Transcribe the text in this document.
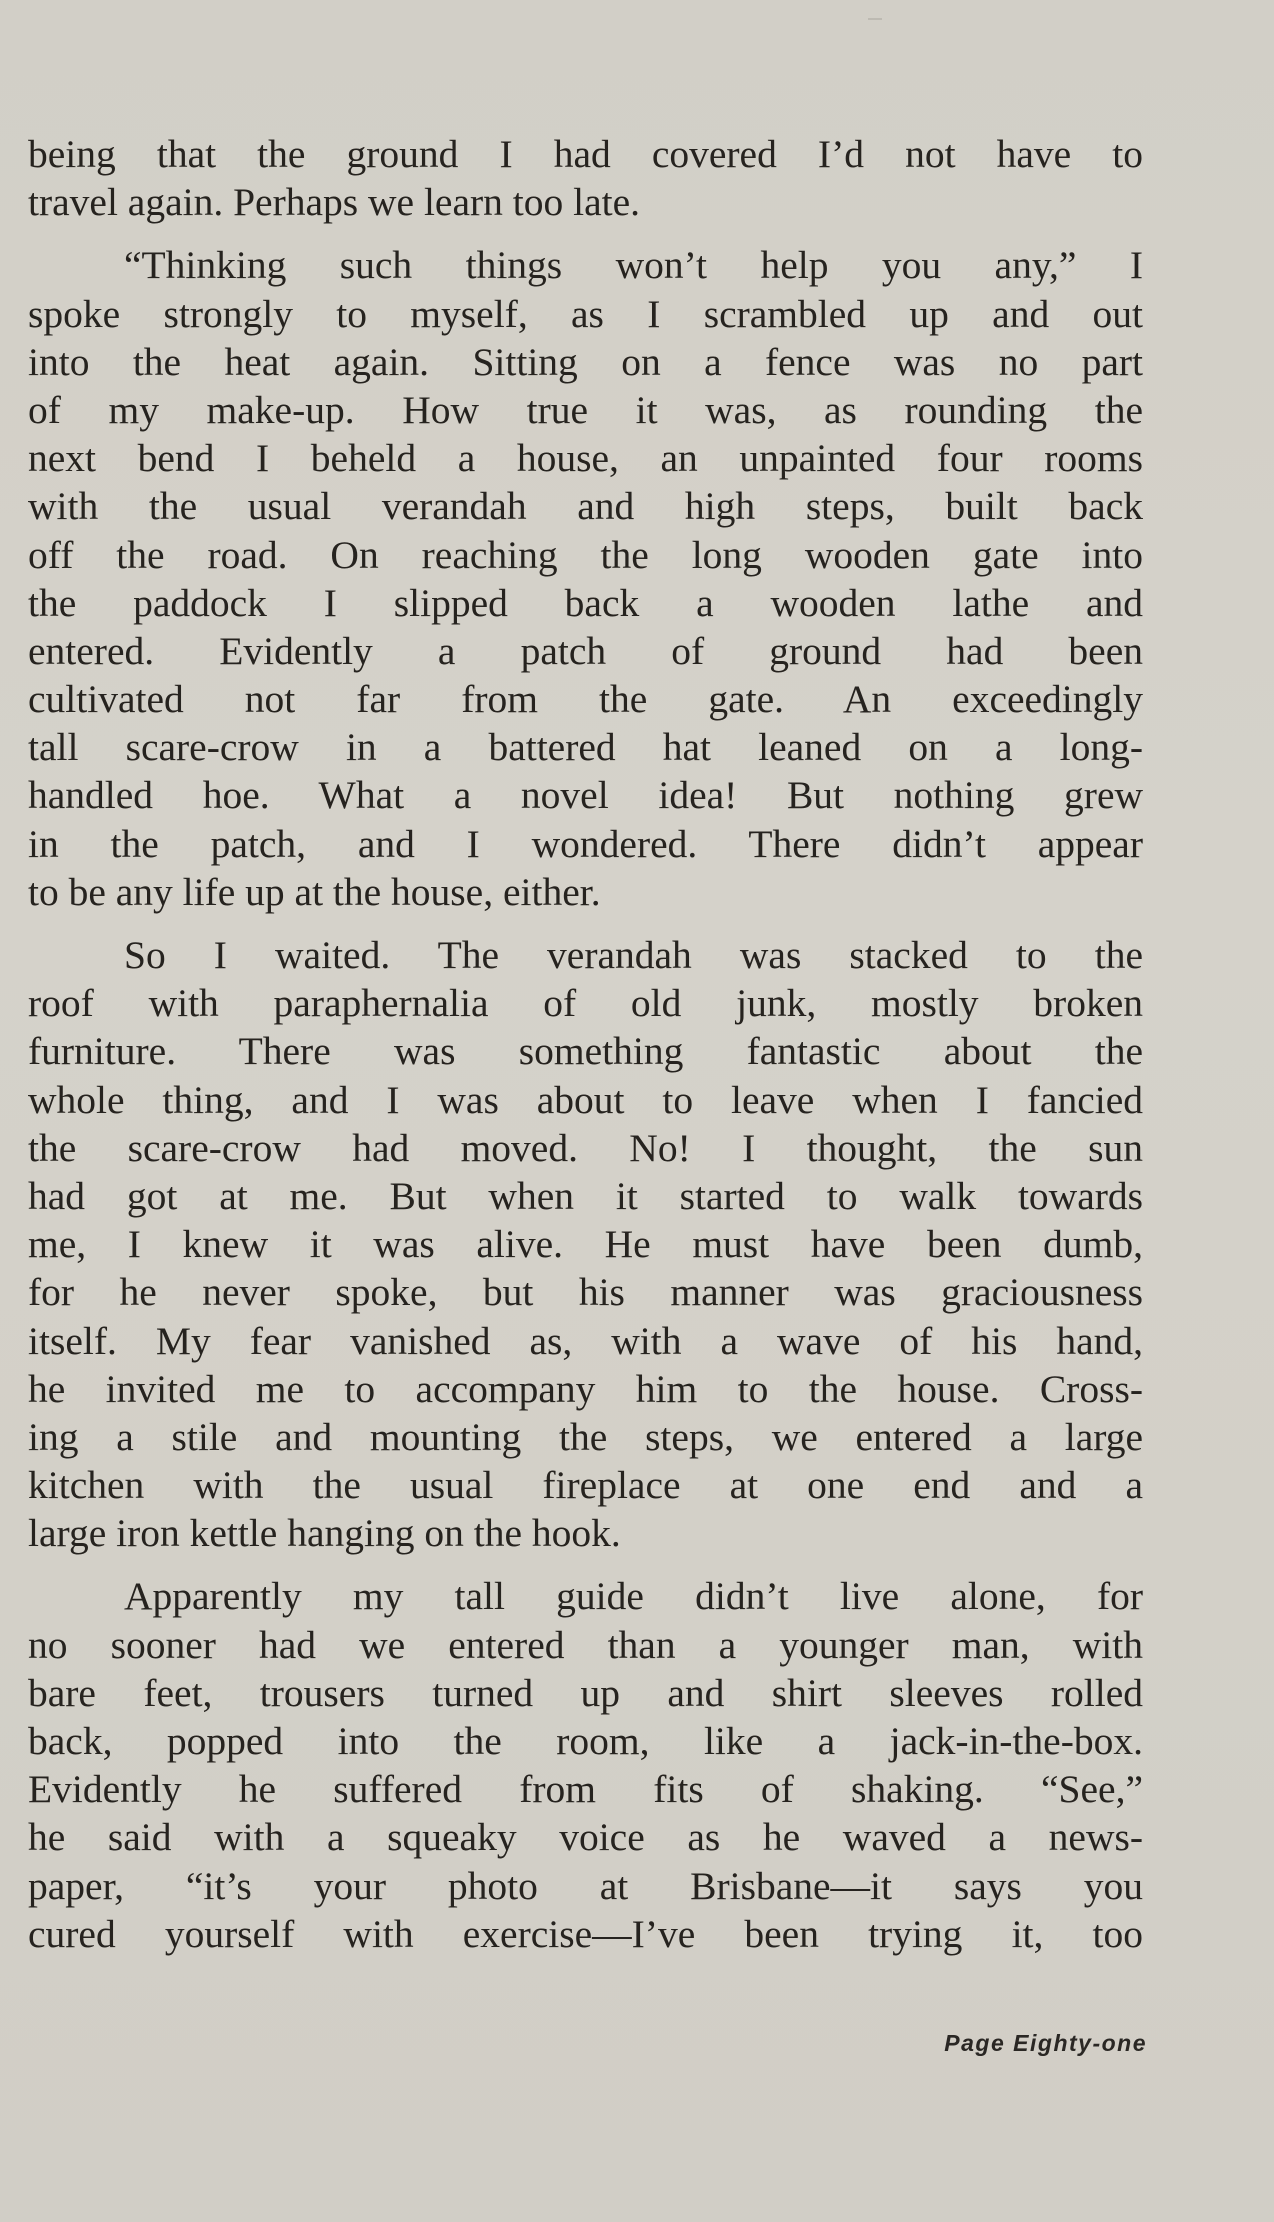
being that the ground I had covered I’d not have to
travel again. Perhaps we learn too late.
“Thinking such things won’t help you any,” I
spoke strongly to myself, as I scrambled up and out
into the heat again. Sitting on a fence was no part
of my make-up. How true it was, as rounding the
next bend I beheld a house, an unpainted four rooms
with the usual verandah and high steps, built back
off the road. On reaching the long wooden gate into
the paddock I slipped back a wooden lathe and
entered. Evidently a patch of ground had been
cultivated not far from the gate. An exceedingly
tall scare-crow in a battered hat leaned on a long-
handled hoe. What a novel idea! But nothing grew
in the patch, and I wondered. There didn’t appear
to be any life up at the house, either.
So I waited. The verandah was stacked to the
roof with paraphernalia of old junk, mostly broken
furniture. There was something fantastic about the
whole thing, and I was about to leave when I fancied
the scare-crow had moved. No! I thought, the sun
had got at me. But when it started to walk towards
me, I knew it was alive. He must have been dumb,
for he never spoke, but his manner was graciousness
itself. My fear vanished as, with a wave of his hand,
he invited me to accompany him to the house. Cross-
ing a stile and mounting the steps, we entered a large
kitchen with the usual fireplace at one end and a
large iron kettle hanging on the hook.
Apparently my tall guide didn’t live alone, for
no sooner had we entered than a younger man, with
bare feet, trousers turned up and shirt sleeves rolled
back, popped into the room, like a jack-in-the-box.
Evidently he suffered from fits of shaking. “See,”
he said with a squeaky voice as he waved a news-
paper, “it’s your photo at Brisbane—it says you
cured yourself with exercise—I’ve been trying it, too
Page Eighty-one
